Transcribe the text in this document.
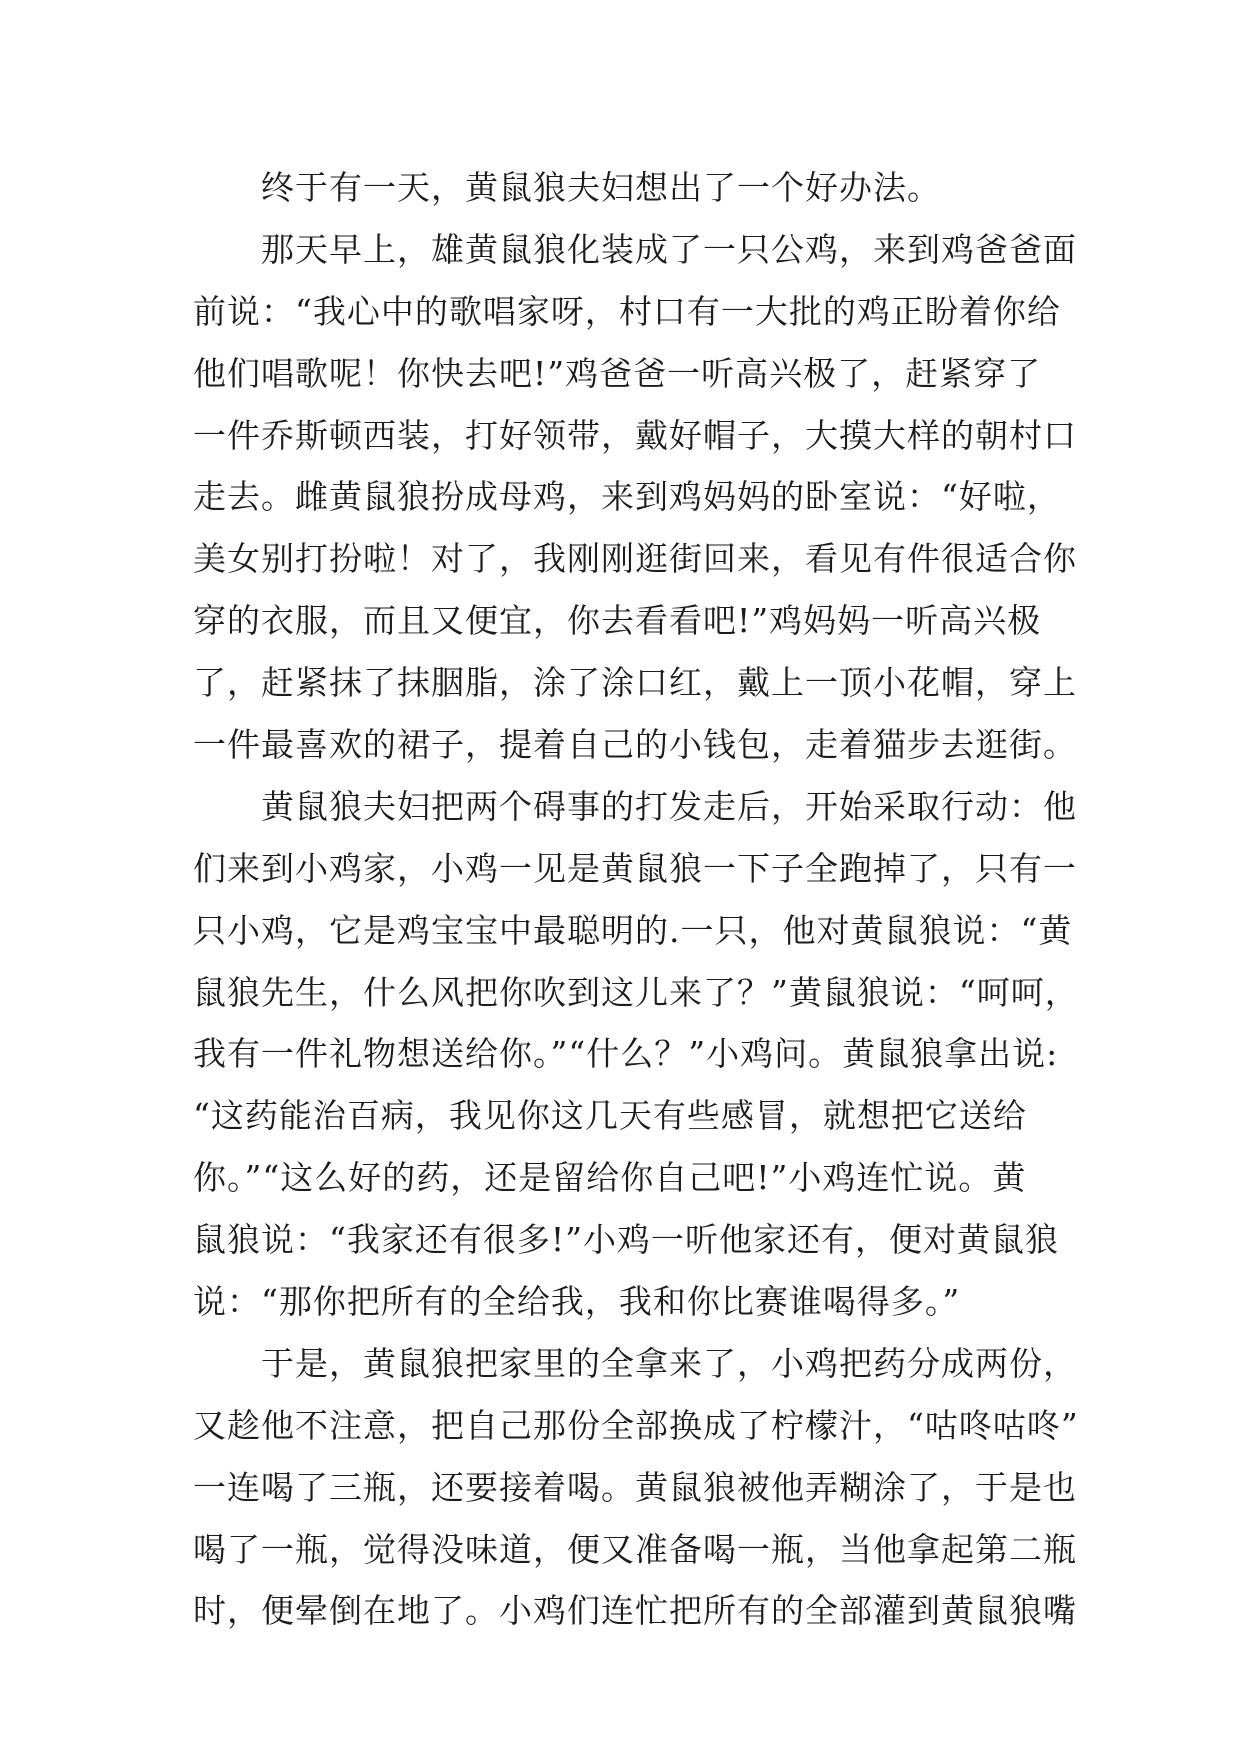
　　终于有一天，黄鼠狼夫妇想出了一个好办法。
　　那天早上，雄黄鼠狼化装成了一只公鸡，来到鸡爸爸面
前说：“我心中的歌唱家呀，村口有一大批的鸡正盼着你给
他们唱歌呢！你快去吧!”鸡爸爸一听高兴极了，赶紧穿了
一件乔斯顿西装，打好领带，戴好帽子，大摸大样的朝村口
走去。雌黄鼠狼扮成母鸡，来到鸡妈妈的卧室说：“好啦，
美女别打扮啦！对了，我刚刚逛街回来，看见有件很适合你
穿的衣服，而且又便宜，你去看看吧!”鸡妈妈一听高兴极
了，赶紧抹了抹胭脂，涂了涂口红，戴上一顶小花帽，穿上
一件最喜欢的裙子，提着自己的小钱包，走着猫步去逛街。
　　黄鼠狼夫妇把两个碍事的打发走后，开始采取行动：他
们来到小鸡家，小鸡一见是黄鼠狼一下子全跑掉了，只有一
只小鸡，它是鸡宝宝中最聪明的.一只，他对黄鼠狼说：“黄
鼠狼先生，什么风把你吹到这儿来了？”黄鼠狼说：“呵呵，
我有一件礼物想送给你。”“什么？”小鸡问。黄鼠狼拿出说:
“这药能治百病，我见你这几天有些感冒，就想把它送给
你。”“这么好的药，还是留给你自己吧!”小鸡连忙说。黄
鼠狼说：“我家还有很多!”小鸡一听他家还有，便对黄鼠狼
说：“那你把所有的全给我，我和你比赛谁喝得多。”
　　于是，黄鼠狼把家里的全拿来了，小鸡把药分成两份，
又趁他不注意，把自己那份全部换成了柠檬汁，“咕咚咕咚”
一连喝了三瓶，还要接着喝。黄鼠狼被他弄糊涂了，于是也
喝了一瓶，觉得没味道，便又准备喝一瓶，当他拿起第二瓶
时，便晕倒在地了。小鸡们连忙把所有的全部灌到黄鼠狼嘴
